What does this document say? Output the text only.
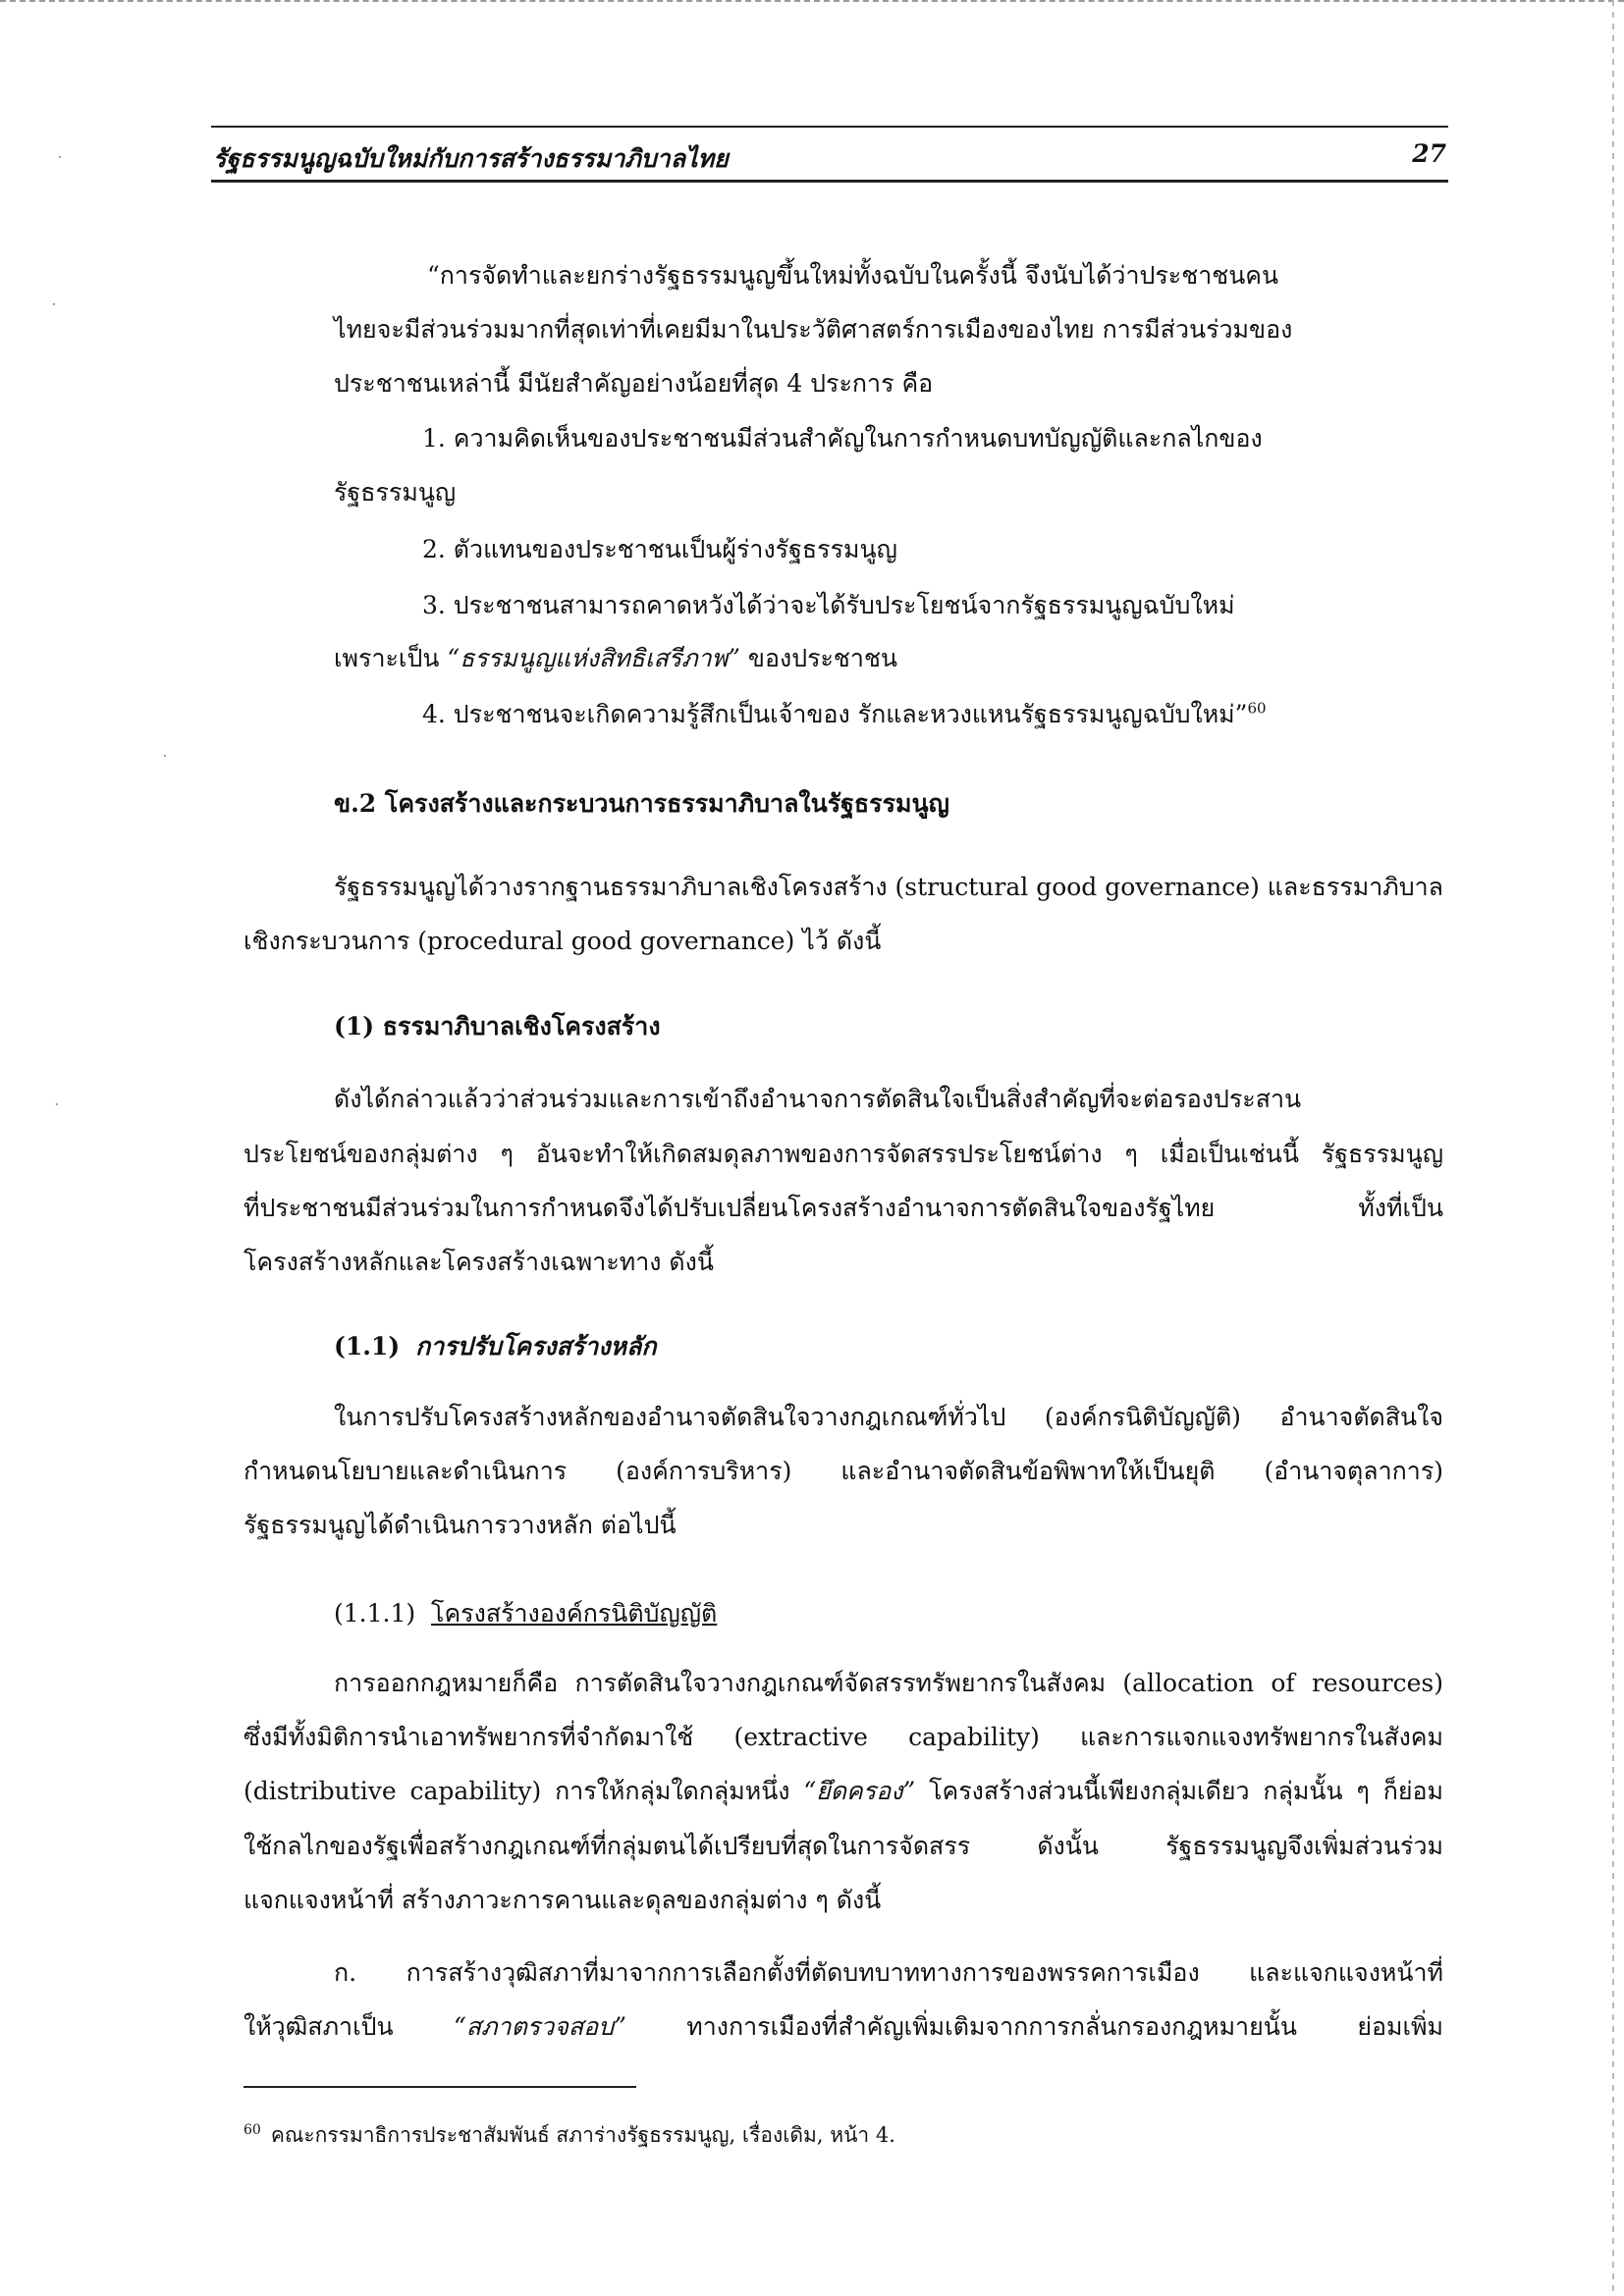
·
·
·
·
รัฐธรรมนูญฉบับใหม่กับการสร้างธรรมาภิบาลไทย	27
“การจัดทำและยกร่างรัฐธรรมนูญขึ้นใหม่ทั้งฉบับในครั้งนี้ จึงนับได้ว่าประชาชนคน
ไทยจะมีส่วนร่วมมากที่สุดเท่าที่เคยมีมาในประวัติศาสตร์การเมืองของไทย การมีส่วนร่วมของ
ประชาชนเหล่านี้ มีนัยสำคัญอย่างน้อยที่สุด 4 ประการ คือ
1. ความคิดเห็นของประชาชนมีส่วนสำคัญในการกำหนดบทบัญญัติและกลไกของ
รัฐธรรมนูญ
2. ตัวแทนของประชาชนเป็นผู้ร่างรัฐธรรมนูญ
3. ประชาชนสามารถคาดหวังได้ว่าจะได้รับประโยชน์จากรัฐธรรมนูญฉบับใหม่
เพราะเป็น “ธรรมนูญแห่งสิทธิเสรีภาพ” ของประชาชน
4. ประชาชนจะเกิดความรู้สึกเป็นเจ้าของ รักและหวงแหนรัฐธรรมนูญฉบับใหม่”$^{60}$
ข.2 โครงสร้างและกระบวนการธรรมาภิบาลในรัฐธรรมนูญ
รัฐธรรมนูญได้วางรากฐานธรรมาภิบาลเชิงโครงสร้าง (structural good governance) และธรรมาภิบาล
เชิงกระบวนการ (procedural good governance) ไว้ ดังนี้
(1) ธรรมาภิบาลเชิงโครงสร้าง
ดังได้กล่าวแล้วว่าส่วนร่วมและการเข้าถึงอำนาจการตัดสินใจเป็นสิ่งสำคัญที่จะต่อรองประสาน
ประโยชน์ของกลุ่มต่าง ๆ อันจะทำให้เกิดสมดุลภาพของการจัดสรรประโยชน์ต่าง ๆ เมื่อเป็นเช่นนี้ รัฐธรรมนูญ
ที่ประชาชนมีส่วนร่วมในการกำหนดจึงได้ปรับเปลี่ยนโครงสร้างอำนาจการตัดสินใจของรัฐไทย ทั้งที่เป็น
โครงสร้างหลักและโครงสร้างเฉพาะทาง ดังนี้
(1.1) การปรับโครงสร้างหลัก
ในการปรับโครงสร้างหลักของอำนาจตัดสินใจวางกฎเกณฑ์ทั่วไป (องค์กรนิติบัญญัติ) อำนาจตัดสินใจ
กำหนดนโยบายและดำเนินการ (องค์การบริหาร) และอำนาจตัดสินข้อพิพาทให้เป็นยุติ (อำนาจตุลาการ)
รัฐธรรมนูญได้ดำเนินการวางหลัก ต่อไปนี้
(1.1.1) โครงสร้างองค์กรนิติบัญญัติ
การออกกฎหมายก็คือ การตัดสินใจวางกฎเกณฑ์จัดสรรทรัพยากรในสังคม (allocation of resources)
ซึ่งมีทั้งมิติการนำเอาทรัพยากรที่จำกัดมาใช้ (extractive capability) และการแจกแจงทรัพยากรในสังคม
(distributive capability) การให้กลุ่มใดกลุ่มหนึ่ง “ยึดครอง” โครงสร้างส่วนนี้เพียงกลุ่มเดียว กลุ่มนั้น ๆ ก็ย่อม
ใช้กลไกของรัฐเพื่อสร้างกฎเกณฑ์ที่กลุ่มตนได้เปรียบที่สุดในการจัดสรร ดังนั้น รัฐธรรมนูญจึงเพิ่มส่วนร่วม
แจกแจงหน้าที่ สร้างภาวะการคานและดุลของกลุ่มต่าง ๆ ดังนี้
ก. การสร้างวุฒิสภาที่มาจากการเลือกตั้งที่ตัดบทบาททางการของพรรคการเมือง และแจกแจงหน้าที่
ให้วุฒิสภาเป็น “สภาตรวจสอบ” ทางการเมืองที่สำคัญเพิ่มเติมจากการกลั่นกรองกฎหมายนั้น ย่อมเพิ่ม
$^{60}$ คณะกรรมาธิการประชาสัมพันธ์ สภาร่างรัฐธรรมนูญ, เรื่องเดิม, หน้า 4.
